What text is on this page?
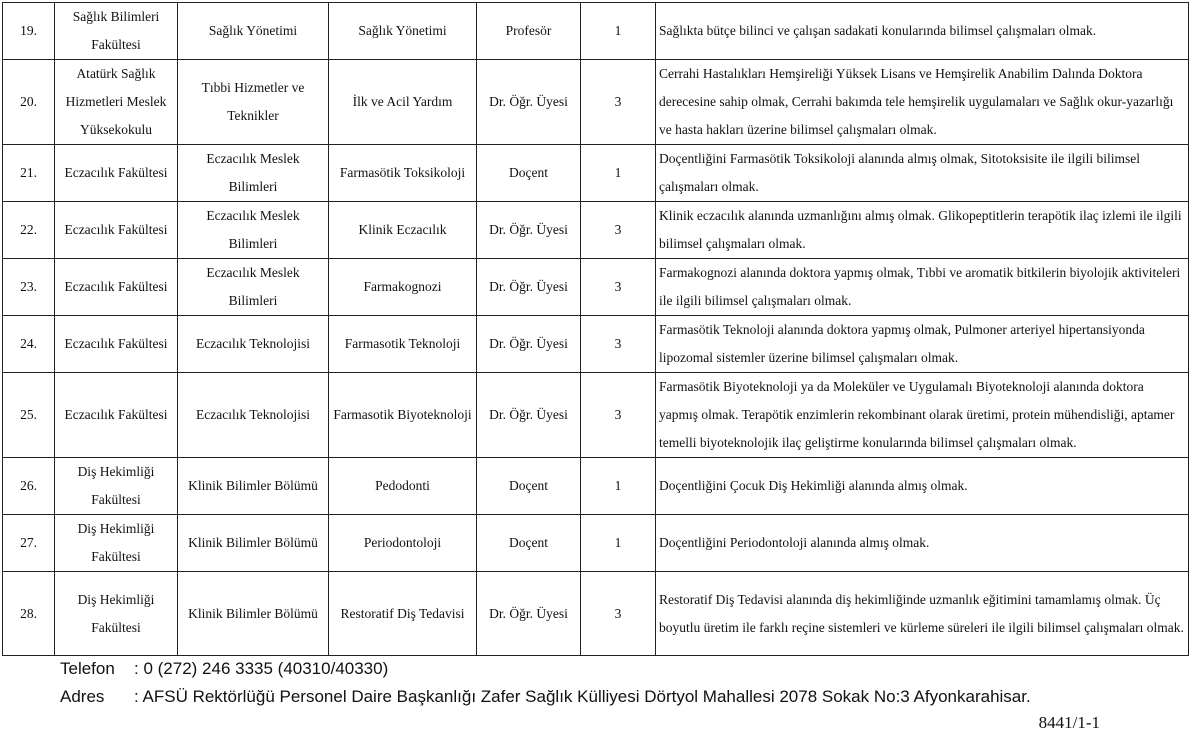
19.	Sağlık Bilimleri Fakültesi	Sağlık Yönetimi	Sağlık Yönetimi	Profesör	1	Sağlıkta bütçe bilinci ve çalışan sadakati konularında bilimsel çalışmaları olmak.
20.	Atatürk Sağlık Hizmetleri Meslek Yüksekokulu	Tıbbi Hizmetler ve Teknikler	İlk ve Acil Yardım	Dr. Öğr. Üyesi	3	Cerrahi Hastalıkları Hemşireliği Yüksek Lisans ve Hemşirelik Anabilim Dalında Doktora derecesine sahip olmak, Cerrahi bakımda tele hemşirelik uygulamaları ve Sağlık okur-yazarlığı ve hasta hakları üzerine bilimsel çalışmaları olmak.
21.	Eczacılık Fakültesi	Eczacılık Meslek Bilimleri	Farmasötik Toksikoloji	Doçent	1	Doçentliğini Farmasötik Toksikoloji alanında almış olmak, Sitotoksisite ile ilgili bilimsel çalışmaları olmak.
22.	Eczacılık Fakültesi	Eczacılık Meslek Bilimleri	Klinik Eczacılık	Dr. Öğr. Üyesi	3	Klinik eczacılık alanında uzmanlığını almış olmak. Glikopeptitlerin terapötik ilaç izlemi ile ilgili bilimsel çalışmaları olmak.
23.	Eczacılık Fakültesi	Eczacılık Meslek Bilimleri	Farmakognozi	Dr. Öğr. Üyesi	3	Farmakognozi alanında doktora yapmış olmak, Tıbbi ve aromatik bitkilerin biyolojik aktiviteleri ile ilgili bilimsel çalışmaları olmak.
24.	Eczacılık Fakültesi	Eczacılık Teknolojisi	Farmasotik Teknoloji	Dr. Öğr. Üyesi	3	Farmasötik Teknoloji alanında doktora yapmış olmak, Pulmoner arteriyel hipertansiyonda lipozomal sistemler üzerine bilimsel çalışmaları olmak.
25.	Eczacılık Fakültesi	Eczacılık Teknolojisi	Farmasotik Biyoteknoloji	Dr. Öğr. Üyesi	3	Farmasötik Biyoteknoloji ya da Moleküler ve Uygulamalı Biyoteknoloji alanında doktora yapmış olmak. Terapötik enzimlerin rekombinant olarak üretimi, protein mühendisliği, aptamer temelli biyoteknolojik ilaç geliştirme konularında bilimsel çalışmaları olmak.
26.	Diş Hekimliği Fakültesi	Klinik Bilimler Bölümü	Pedodonti	Doçent	1	Doçentliğini Çocuk Diş Hekimliği alanında almış olmak.
27.	Diş Hekimliği Fakültesi	Klinik Bilimler Bölümü	Periodontoloji	Doçent	1	Doçentliğini Periodontoloji alanında almış olmak.
28.	Diş Hekimliği Fakültesi	Klinik Bilimler Bölümü	Restoratif Diş Tedavisi	Dr. Öğr. Üyesi	3	Restoratif Diş Tedavisi alanında diş hekimliğinde uzmanlık eğitimini tamamlamış olmak. Üç boyutlu üretim ile farklı reçine sistemleri ve kürleme süreleri ile ilgili bilimsel çalışmaları olmak.
Telefon : 0 (272) 246 3335 (40310/40330)
Adres : AFSÜ Rektörlüğü Personel Daire Başkanlığı Zafer Sağlık Külliyesi Dörtyol Mahallesi 2078 Sokak No:3 Afyonkarahisar.
8441/1-1
